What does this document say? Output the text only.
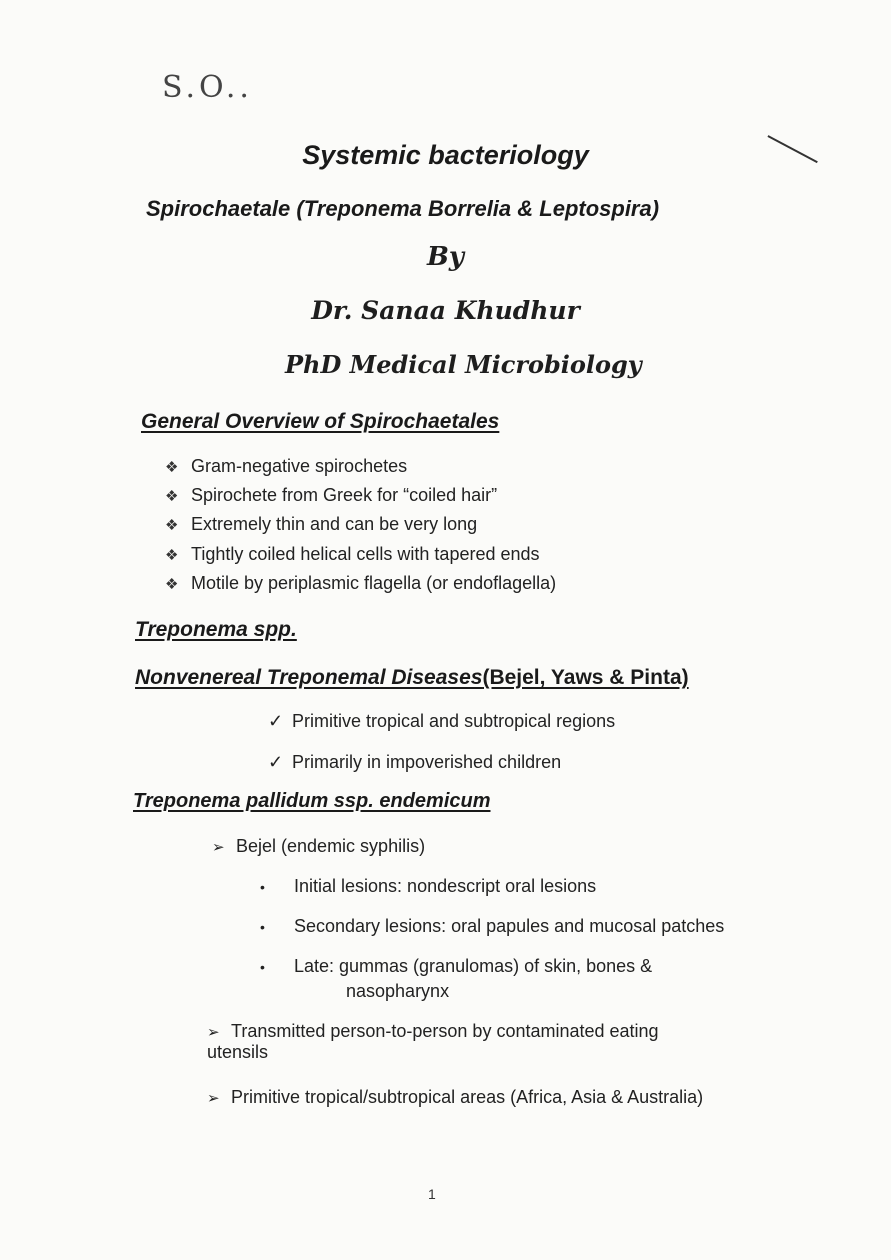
S.O..
Systemic bacteriology
Spirochaetale (Treponema Borrelia & Leptospira)
By
Dr. Sanaa Khudhur
PhD Medical Microbiology
General Overview of Spirochaetales
❖ Gram-negative spirochetes
❖ Spirochete from Greek for “coiled hair”
❖ Extremely thin and can be very long
❖ Tightly coiled helical cells with tapered ends
❖ Motile by periplasmic flagella (or endoflagella)
Treponema spp.
Nonvenereal Treponemal Diseases(Bejel, Yaws & Pinta)
✓ Primitive tropical and subtropical regions
✓ Primarily in impoverished children
Treponema pallidum ssp. endemicum
➢ Bejel (endemic syphilis)
• Initial lesions: nondescript oral lesions
• Secondary lesions: oral papules and mucosal patches
• Late: gummas (granulomas) of skin, bones &
nasopharynx
➢ Transmitted person-to-person by contaminated eating utensils
➢ Primitive tropical/subtropical areas (Africa, Asia & Australia)
1
